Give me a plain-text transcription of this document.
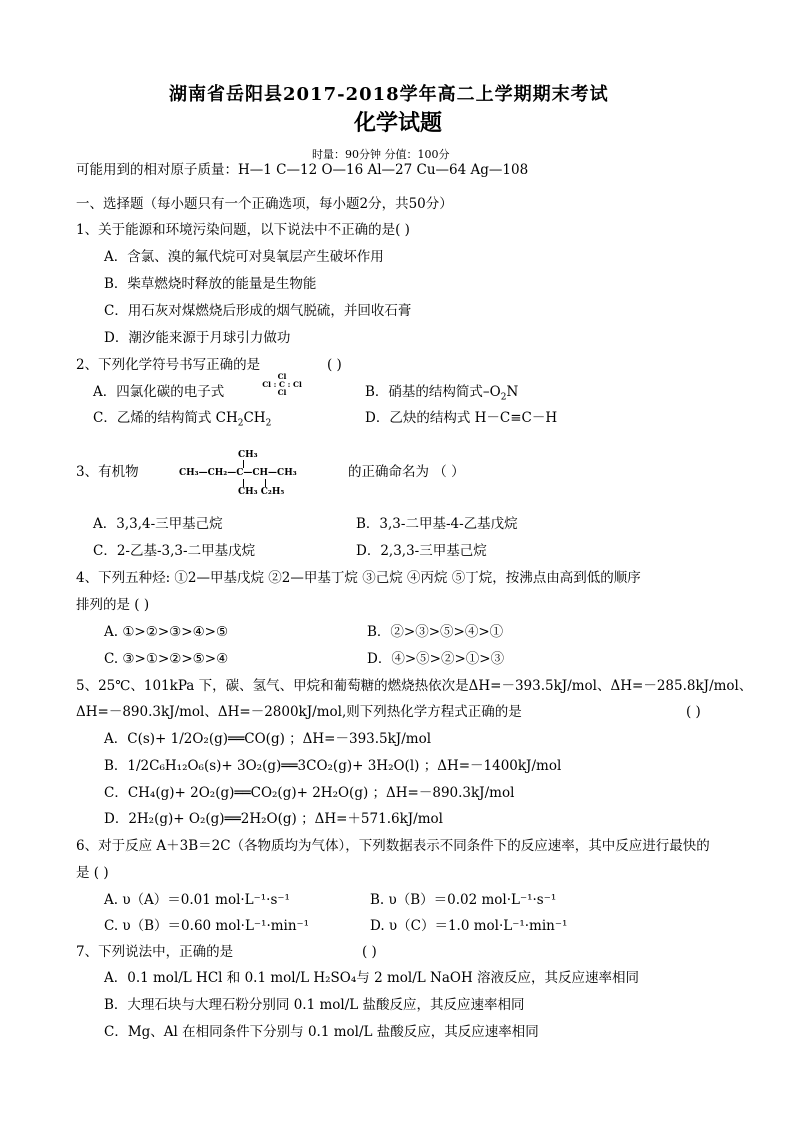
湖南省岳阳县2017-2018学年高二上学期期末考试
化学试题
时量：90分钟 分值：100分
可能用到的相对原子质量：H—1 C—12 O—16 Al—27 Cu—64 Ag—108
一、选择题（每小题只有一个正确选项，每小题2分，共50分）
1、关于能源和环境污染问题，以下说法中不正确的是( )
A．含氯、溴的氟代烷可对臭氧层产生破坏作用
B．柴草燃烧时释放的能量是生物能
C．用石灰对煤燃烧后形成的烟气脱硫，并回收石膏
D．潮汐能来源于月球引力做功
2、下列化学符号书写正确的是	( )
A．四氯化碳的电子式
Cl
Cl : C : Cl
Cl	B．硝基的结构简式$-O_2N$
C．乙烯的结构简式 $CH_2CH_2$	D．乙炔的结构式 H－C≡C－H
3、有机物
CH₃
CH₃—CH₂—C—CH—CH₃
CH₃ C₂H₅
的正确命名为 （ ）
A．3,3,4-三甲基己烷	B．3,3-二甲基-4-乙基戊烷
C．2-乙基-3,3-二甲基戊烷	D．2,3,3-三甲基己烷
4、下列五种烃: ①2—甲基戊烷 ②2—甲基丁烷 ③己烷 ④丙烷 ⑤丁烷，按沸点由高到低的顺序
排列的是 ( )
A. ①>②>③>④>⑤	B．②>③>⑤>④>①
C. ③>①>②>⑤>④	D．④>⑤>②>①>③
5、25℃、101kPa 下，碳、氢气、甲烷和葡萄糖的燃烧热依次是ΔH=－393.5kJ/mol、ΔH=－285.8kJ/mol、
ΔH=－890.3kJ/mol、ΔH=－2800kJ/mol,则下列热化学方程式正确的是	( )
A．C(s)+ 1/2O₂(g)══CO(g) ；ΔH=－393.5kJ/mol
B．1/2C₆H₁₂O₆(s)+ 3O₂(g)══3CO₂(g)+ 3H₂O(l) ；ΔH=－1400kJ/mol
C．CH₄(g)+ 2O₂(g)══CO₂(g)+ 2H₂O(g) ；ΔH=－890.3kJ/mol
D．2H₂(g)+ O₂(g)══2H₂O(g) ；ΔH=＋571.6kJ/mol
6、对于反应 A＋3B＝2C（各物质均为气体），下列数据表示不同条件下的反应速率，其中反应进行最快的
是 ( )
A. υ（A）＝0.01 mol·L⁻¹·s⁻¹	B. υ（B）＝0.02 mol·L⁻¹·s⁻¹
C. υ（B）＝0.60 mol·L⁻¹·min⁻¹	D. υ（C）＝1.0 mol·L⁻¹·min⁻¹
7、下列说法中，正确的是	( )
A．0.1 mol/L HCl 和 0.1 mol/L H₂SO₄与 2 mol/L NaOH 溶液反应，其反应速率相同
B．大理石块与大理石粉分别同 0.1 mol/L 盐酸反应，其反应速率相同
C．Mg、Al 在相同条件下分别与 0.1 mol/L 盐酸反应，其反应速率相同
